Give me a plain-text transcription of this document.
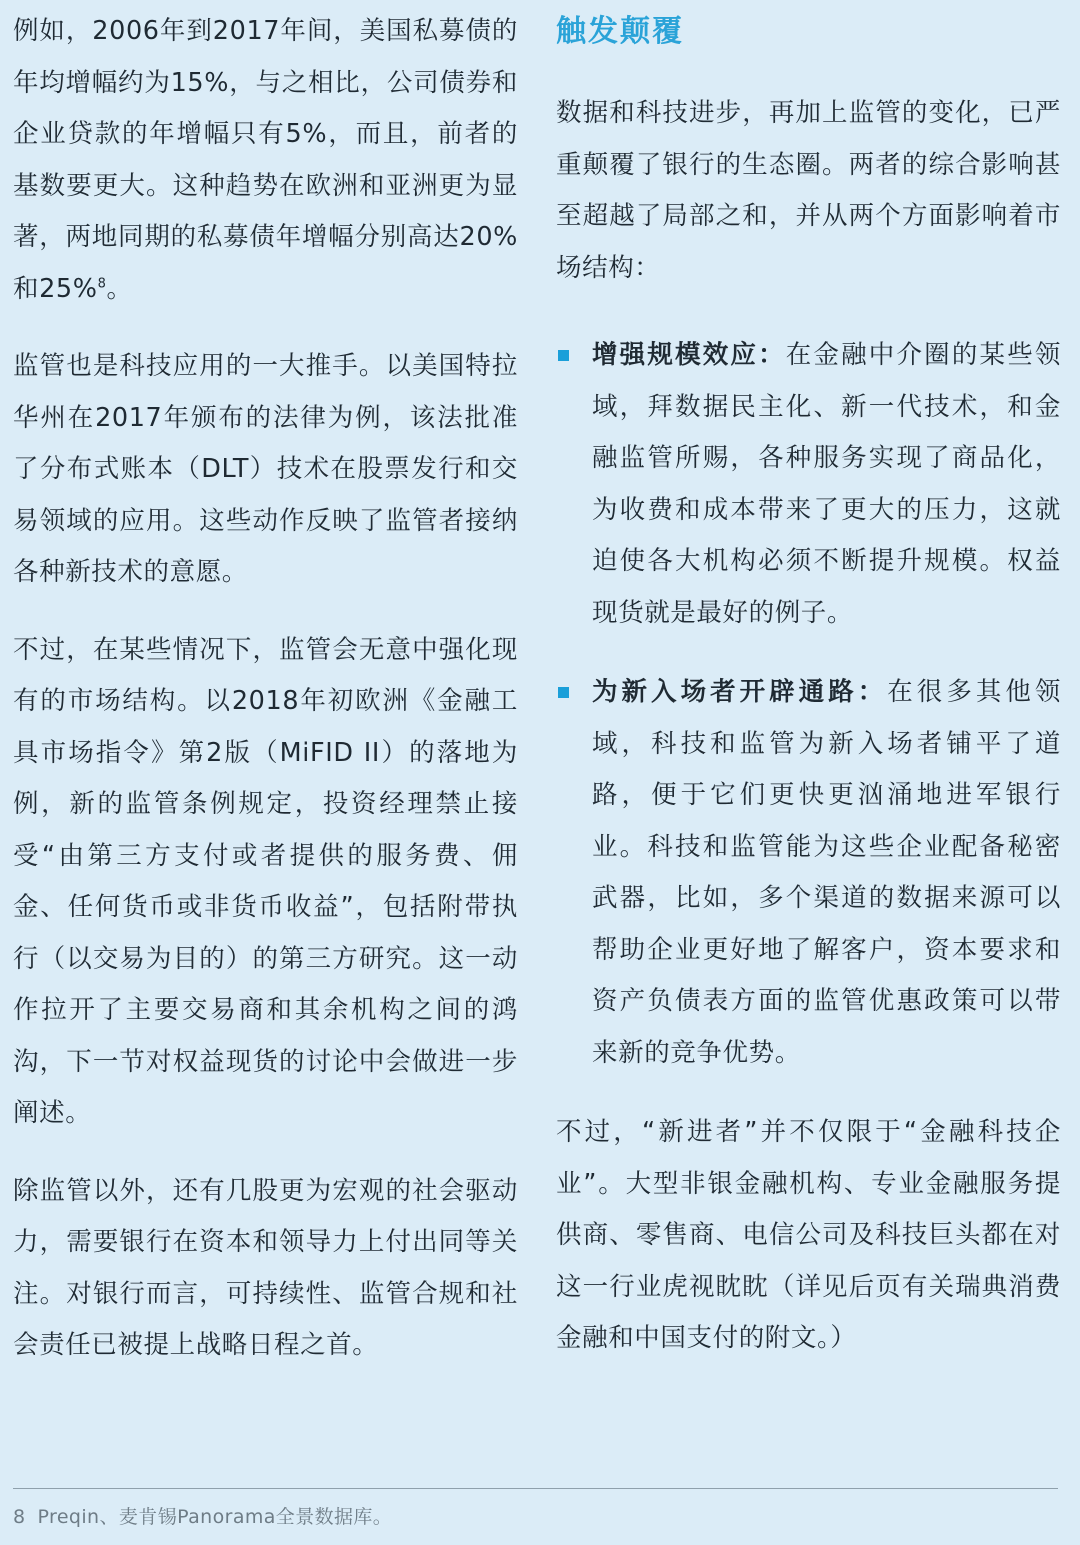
例如，2006年到2017年间，美国私募债的年均增幅约为15%，与之相比，公司债券和企业贷款的年增幅只有5%，而且，前者的基数要更大。这种趋势在欧洲和亚洲更为显著，两地同期的私募债年增幅分别高达20%和25%$^8$。

监管也是科技应用的一大推手。以美国特拉华州在2017年颁布的法律为例，该法批准了分布式账本（DLT）技术在股票发行和交易领域的应用。这些动作反映了监管者接纳各种新技术的意愿。

不过，在某些情况下，监管会无意中强化现有的市场结构。以2018年初欧洲《金融工具市场指令》第2版（MiFID II）的落地为例，新的监管条例规定，投资经理禁止接受“由第三方支付或者提供的服务费、佣金、任何货币或非货币收益”，包括附带执行（以交易为目的）的第三方研究。这一动作拉开了主要交易商和其余机构之间的鸿沟，下一节对权益现货的讨论中会做进一步阐述。

除监管以外，还有几股更为宏观的社会驱动力，需要银行在资本和领导力上付出同等关注。对银行而言，可持续性、监管合规和社会责任已被提上战略日程之首。

触发颠覆

数据和科技进步，再加上监管的变化，已严重颠覆了银行的生态圈。两者的综合影响甚至超越了局部之和，并从两个方面影响着市场结构：

增强规模效应：在金融中介圈的某些领域，拜数据民主化、新一代技术，和金融监管所赐，各种服务实现了商品化，为收费和成本带来了更大的压力，这就迫使各大机构必须不断提升规模。权益现货就是最好的例子。

为新入场者开辟通路：在很多其他领域，科技和监管为新入场者铺平了道路，便于它们更快更汹涌地进军银行业。科技和监管能为这些企业配备秘密武器，比如，多个渠道的数据来源可以帮助企业更好地了解客户，资本要求和资产负债表方面的监管优惠政策可以带来新的竞争优势。

不过，“新进者”并不仅限于“金融科技企业”。大型非银金融机构、专业金融服务提供商、零售商、电信公司及科技巨头都在对这一行业虎视眈眈（详见后页有关瑞典消费金融和中国支付的附文。）

8 Preqin、麦肯锡Panorama全景数据库。
